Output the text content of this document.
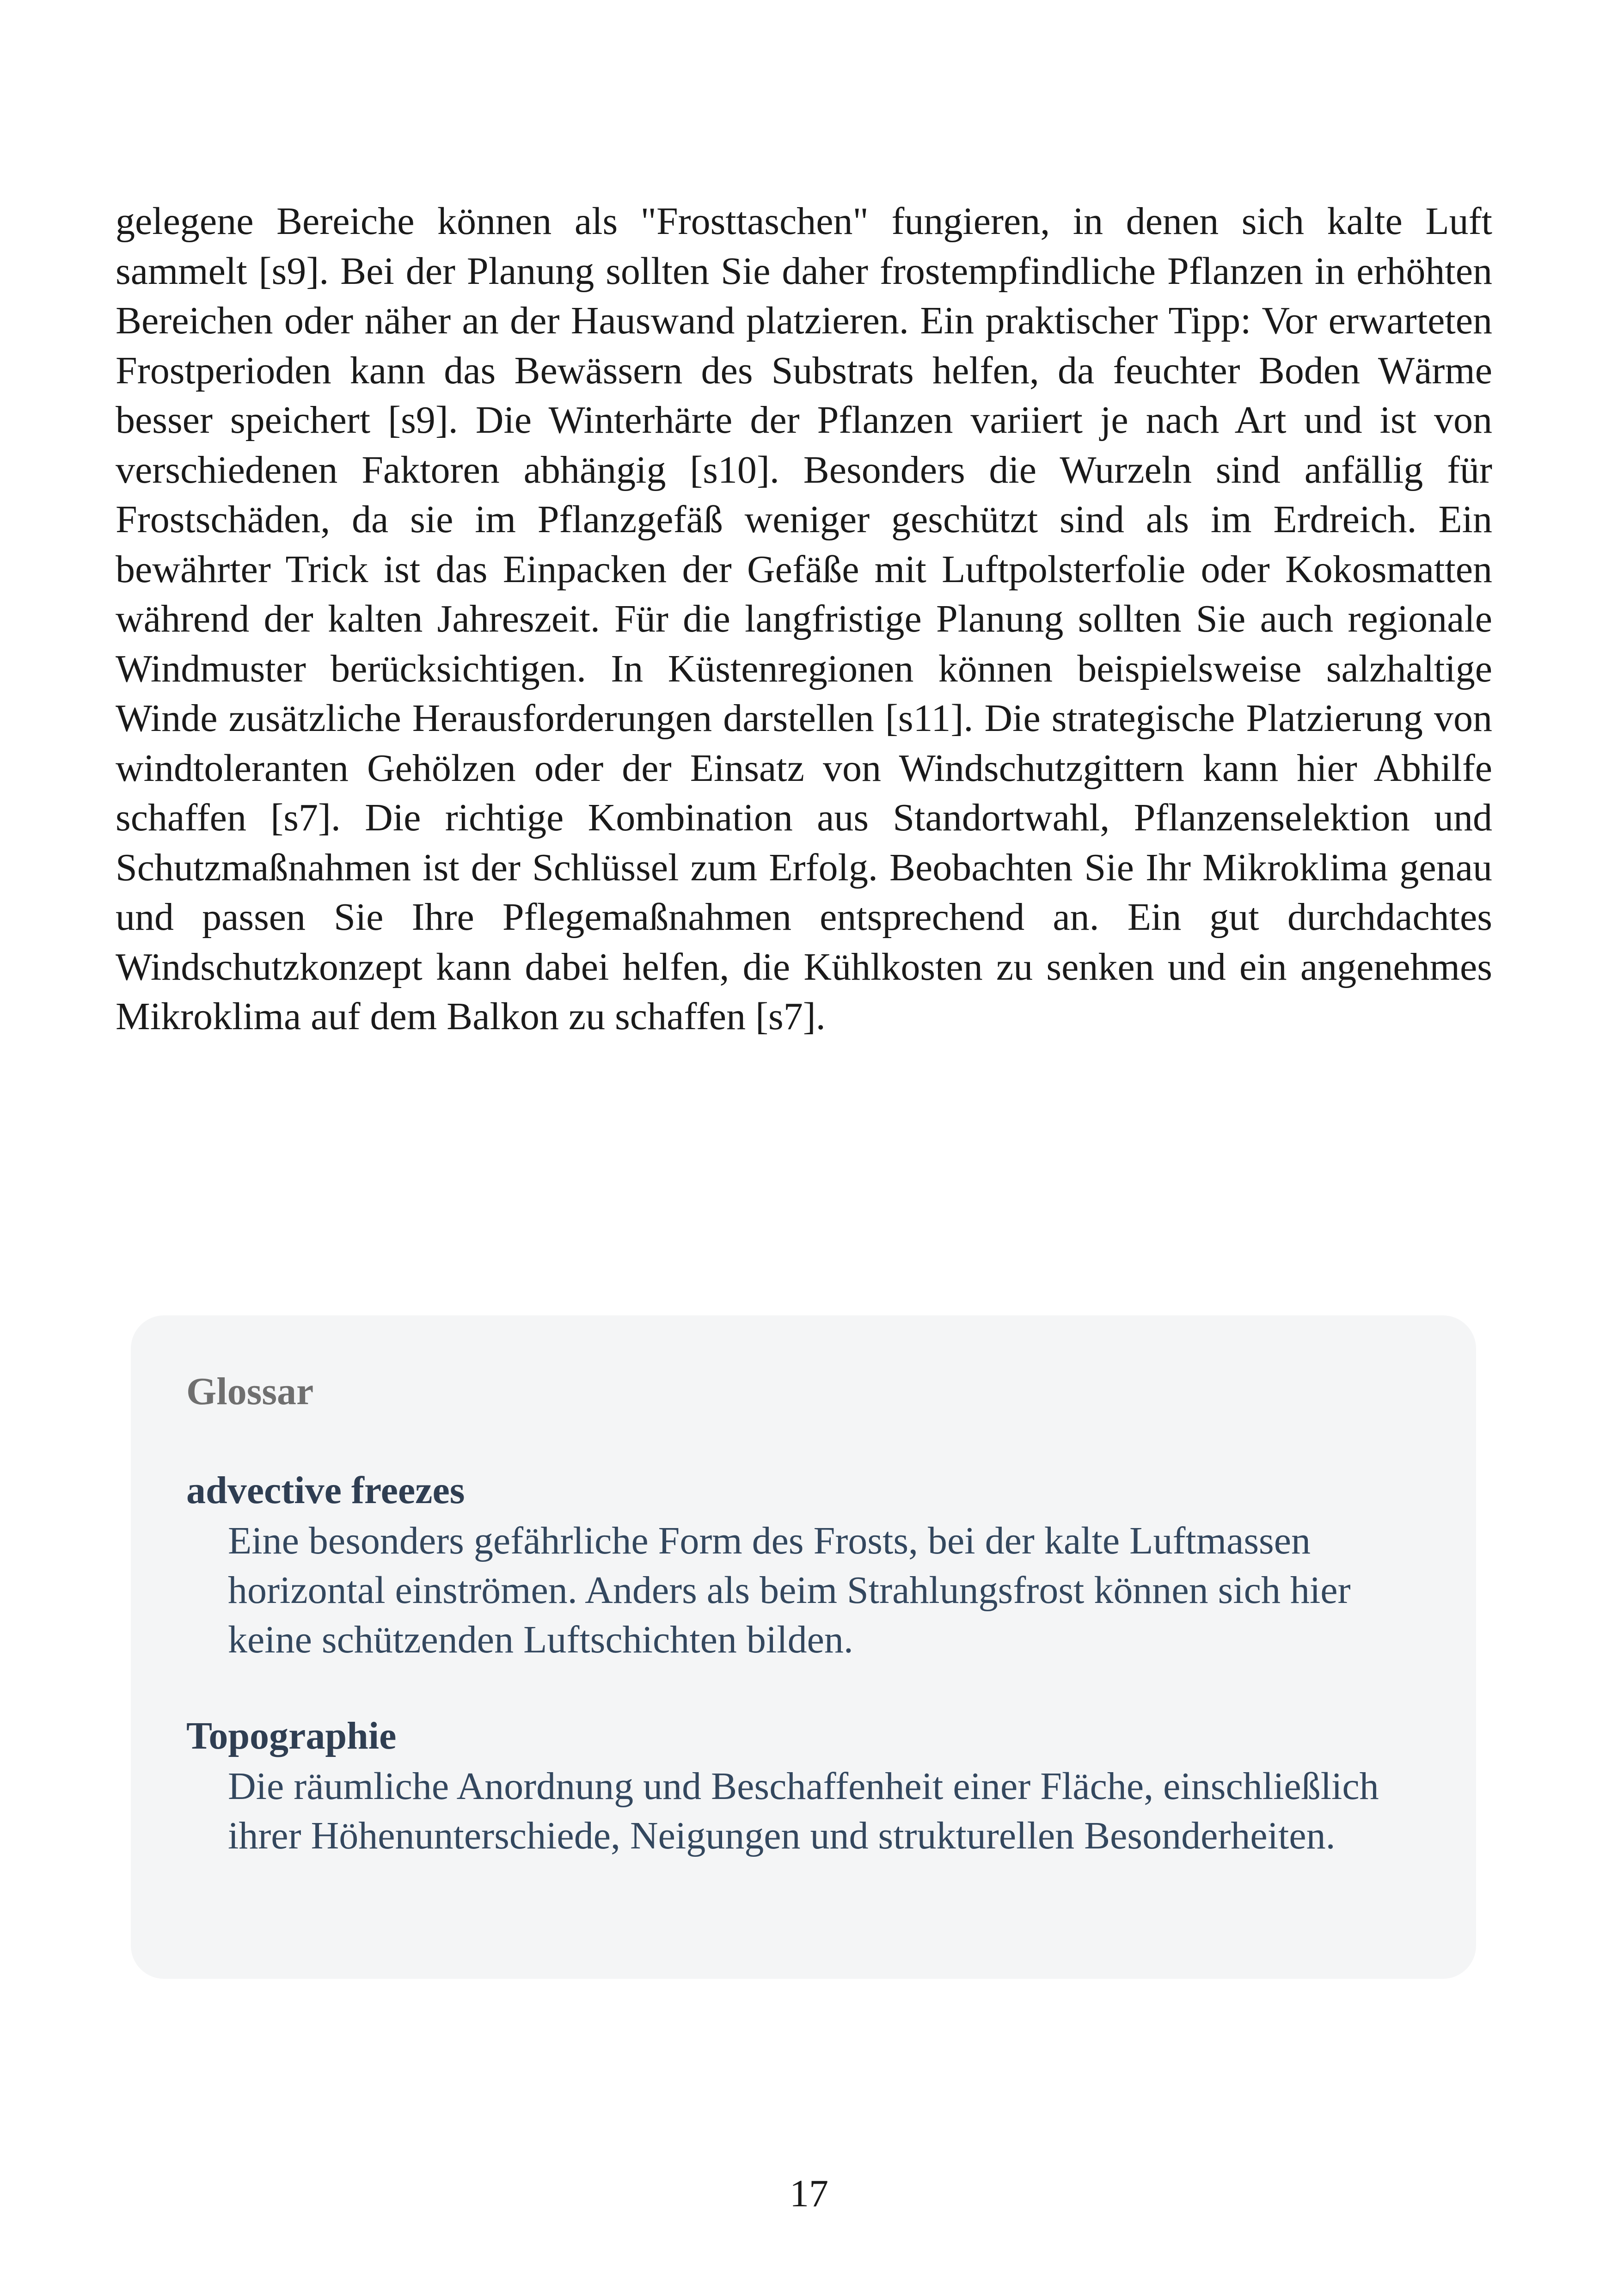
gelegene Bereiche können als "Frosttaschen" fungieren, in denen sich kalte Luft sammelt [s9]. Bei der Planung sollten Sie daher frostempfindliche Pflanzen in erhöhten Bereichen oder näher an der Hauswand platzieren. Ein praktischer Tipp: Vor erwarteten Frostperioden kann das Bewässern des Substrats helfen, da feuchter Boden Wärme besser speichert [s9]. Die Winterhärte der Pflanzen variiert je nach Art und ist von verschiedenen Faktoren abhängig [s10]. Besonders die Wurzeln sind anfällig für Frostschäden, da sie im Pflanzgefäß weniger geschützt sind als im Erdreich. Ein bewährter Trick ist das Einpacken der Gefäße mit Luftpolsterfolie oder Kokosmatten während der kalten Jahreszeit. Für die langfristige Planung sollten Sie auch regionale Windmuster berücksichtigen. In Küstenregionen können beispielsweise salzhaltige Winde zusätzliche Herausforderungen darstellen [s11]. Die strategische Platzierung von windtoleranten Gehölzen oder der Einsatz von Windschutzgittern kann hier Abhilfe schaffen [s7]. Die richtige Kombination aus Standortwahl, Pflanzenselektion und Schutzmaßnahmen ist der Schlüssel zum Erfolg. Beobachten Sie Ihr Mikroklima genau und passen Sie Ihre Pflegemaßnahmen entsprechend an. Ein gut durchdachtes Windschutzkonzept kann dabei helfen, die Kühlkosten zu senken und ein angenehmes Mikroklima auf dem Balkon zu schaffen [s7].

Glossar
advective freezes
Eine besonders gefährliche Form des Frosts, bei der kalte Luftmassen horizontal einströmen. Anders als beim Strahlungsfrost können sich hier keine schützenden Luftschichten bilden.
Topographie
Die räumliche Anordnung und Beschaffenheit einer Fläche, einschließlich ihrer Höhenunterschiede, Neigungen und strukturellen Besonderheiten.
17
